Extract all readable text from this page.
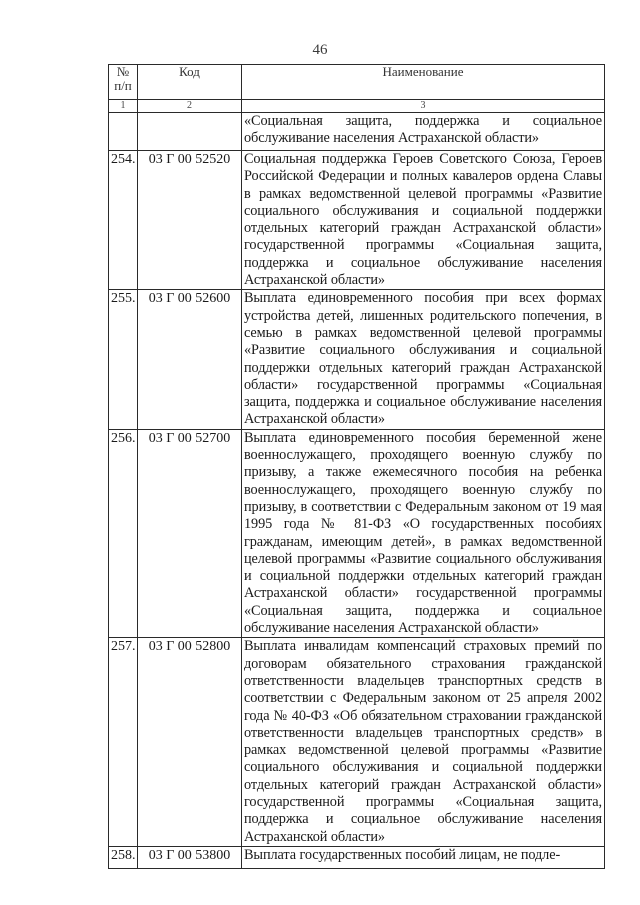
46
№ п/п	Код	Наименование
1	2	3
		«Социальная защита, поддержка и социальное обслуживание населения Астраханской области»
254.	03 Г 00 52520	Социальная поддержка Героев Советского Союза, Героев Российской Федерации и полных кавалеров ордена Славы в рамках ведомственной целевой программы «Развитие социального обслуживания и социальной поддержки отдельных категорий граждан Астраханской области» государственной программы «Социальная защита, поддержка и социальное обслуживание населения Астраханской области»
255.	03 Г 00 52600	Выплата единовременного пособия при всех формах устройства детей, лишенных родительского попечения, в семью в рамках ведомственной целевой программы «Развитие социального обслуживания и социальной поддержки отдельных категорий граждан Астраханской области» государственной программы «Социальная защита, поддержка и социальное обслуживание населения Астраханской области»
256.	03 Г 00 52700	Выплата единовременного пособия беременной жене военнослужащего, проходящего военную службу по призыву, а также ежемесячного пособия на ребенка военнослужащего, проходящего военную службу по призыву, в соответствии с Федеральным законом от 19 мая 1995 года № 81-ФЗ «О государственных пособиях гражданам, имеющим детей», в рамках ведомственной целевой программы «Развитие социального обслуживания и социальной поддержки отдельных категорий граждан Астраханской области» государственной программы «Социальная защита, поддержка и социальное обслуживание населения Астраханской области»
257.	03 Г 00 52800	Выплата инвалидам компенсаций страховых премий по договорам обязательного страхования гражданской ответственности владельцев транспортных средств в соответствии с Федеральным законом от 25 апреля 2002 года № 40-ФЗ «Об обязательном страховании гражданской ответственности владельцев транспортных средств» в рамках ведомственной целевой программы «Развитие социального обслуживания и социальной поддержки отдельных категорий граждан Астраханской области» государственной программы «Социальная защита, поддержка и социальное обслуживание населения Астраханской области»
258.	03 Г 00 53800	Выплата государственных пособий лицам, не подле-
